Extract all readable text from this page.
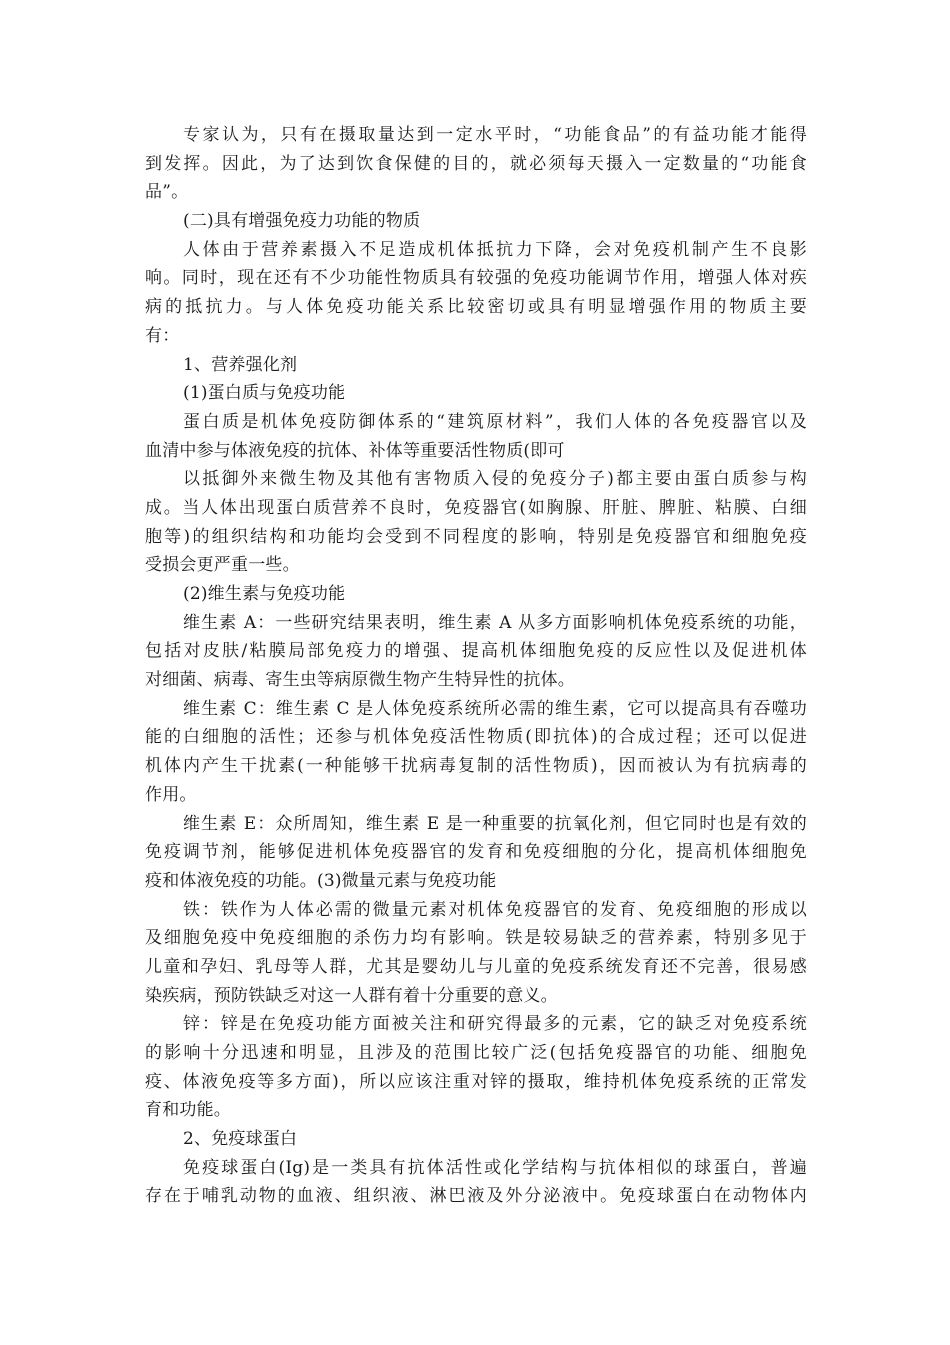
专家认为，只有在摄取量达到一定水平时，“功能食品”的有益功能才能得
到发挥。因此，为了达到饮食保健的目的，就必须每天摄入一定数量的“功能食
品”。
(二)具有增强免疫力功能的物质
人体由于营养素摄入不足造成机体抵抗力下降，会对免疫机制产生不良影
响。同时，现在还有不少功能性物质具有较强的免疫功能调节作用，增强人体对疾
病的抵抗力。与人体免疫功能关系比较密切或具有明显增强作用的物质主要
有：
1、营养强化剂
(1)蛋白质与免疫功能
蛋白质是机体免疫防御体系的“建筑原材料”，我们人体的各免疫器官以及
血清中参与体液免疫的抗体、补体等重要活性物质(即可
以抵御外来微生物及其他有害物质入侵的免疫分子)都主要由蛋白质参与构
成。当人体出现蛋白质营养不良时，免疫器官(如胸腺、肝脏、脾脏、粘膜、白细
胞等)的组织结构和功能均会受到不同程度的影响，特别是免疫器官和细胞免疫
受损会更严重一些。
(2)维生素与免疫功能
维生素 A：一些研究结果表明，维生素 A 从多方面影响机体免疫系统的功能，
包括对皮肤/粘膜局部免疫力的增强、提高机体细胞免疫的反应性以及促进机体
对细菌、病毒、寄生虫等病原微生物产生特异性的抗体。
维生素 C：维生素 C 是人体免疫系统所必需的维生素，它可以提高具有吞噬功
能的白细胞的活性；还参与机体免疫活性物质(即抗体)的合成过程；还可以促进
机体内产生干扰素(一种能够干扰病毒复制的活性物质)，因而被认为有抗病毒的
作用。
维生素 E：众所周知，维生素 E 是一种重要的抗氧化剂，但它同时也是有效的
免疫调节剂，能够促进机体免疫器官的发育和免疫细胞的分化，提高机体细胞免
疫和体液免疫的功能。(3)微量元素与免疫功能
铁：铁作为人体必需的微量元素对机体免疫器官的发育、免疫细胞的形成以
及细胞免疫中免疫细胞的杀伤力均有影响。铁是较易缺乏的营养素，特别多见于
儿童和孕妇、乳母等人群，尤其是婴幼儿与儿童的免疫系统发育还不完善，很易感
染疾病，预防铁缺乏对这一人群有着十分重要的意义。
锌：锌是在免疫功能方面被关注和研究得最多的元素，它的缺乏对免疫系统
的影响十分迅速和明显，且涉及的范围比较广泛(包括免疫器官的功能、细胞免
疫、体液免疫等多方面)，所以应该注重对锌的摄取，维持机体免疫系统的正常发
育和功能。
2、免疫球蛋白
免疫球蛋白(Ig)是一类具有抗体活性或化学结构与抗体相似的球蛋白，普遍
存在于哺乳动物的血液、组织液、淋巴液及外分泌液中。免疫球蛋白在动物体内
